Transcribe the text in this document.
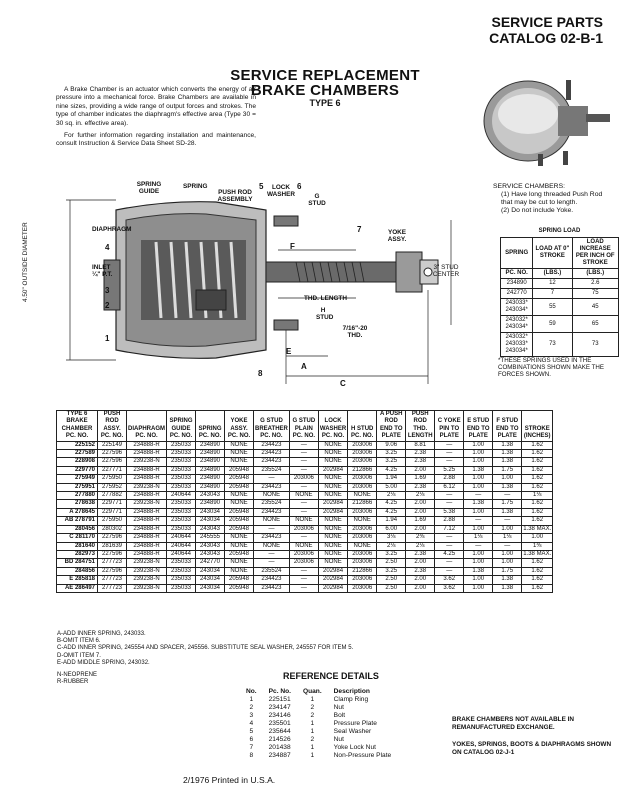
SERVICE PARTS
CATALOG 02-B-1
SERVICE REPLACEMENT
BRAKE CHAMBERS
TYPE 6

A Brake Chamber is an actuator which converts the energy of air pressure into a mechanical force. Brake Chambers are available in nine sizes, providing a wide range of output forces and strokes. The type of chamber indicates the diaphragm's effective area (Type 30 = 30 sq. in. effective area).

For further information regarding installation and maintenance, consult Instruction & Service Data Sheet SD-28.

SPRING GUIDE
SPRING
PUSH ROD ASSEMBLY
5	LOCK WASHER
6
G STUD
DIAPHRAGM
4
INLET
¼" P.T.
3
2
1
4.50" OUTSIDE DIAMETER	F
7	YOKE ASSY.
THD. LENGTH
H STUD
7/16"-20 THD.
3" STUD CENTER
E
A
C
8
SERVICE CHAMBERS:
(1) Have long threaded Push Rod that may be cut to length.
(2) Do not include Yoke.
SPRING LOAD
SPRING	LOAD AT 0" STROKE	LOAD INCREASE PER INCH OF STROKE
PC. NO.	(LBS.)	(LBS.)
234890	12	2.6
242770	7	75
243033* 243034*	55	45
243032* 243034*	59	65
243032* 243033* 243034*	73	73
*THESE SPRINGS USED IN THE COMBINATIONS SHOWN MAKE THE FORCES SHOWN.
TYPE 6 BRAKE CHAMBER PC. NO.	PUSH ROD ASSY. PC. NO.	DIAPHRAGM PC. NO.	SPRING GUIDE PC. NO.	SPRING PC. NO.	YOKE ASSY. PC. NO.	G STUD BREATHER PC. NO.	G STUD PLAIN PC. NO.	LOCK WASHER PC. NO.	H STUD PC. NO.	A PUSH ROD END TO PLATE	PUSH ROD THD. LENGTH	C YOKE PIN TO PLATE	E STUD END TO PLATE	F STUD END TO PLATE	STROKE (INCHES)
225152	225149	234888-R	235033	234890	NONE	234423	—	NONE	203006	9.06	8.81	—	1.00	1.38	1.62
227589	227596	234888-R	235033	234890	NONE	234423	—	NONE	203006	3.25	2.38	—	1.00	1.38	1.62
228908	227596	239238-N	235033	234890	NONE	234423	—	NONE	203006	3.25	2.38	—	1.00	1.38	1.62
229770	227771	234888-R	235033	234890	205948	235524	—	202984	212866	4.25	2.00	5.25	1.38	1.75	1.62
275949	275950	234888-R	235033	234890	205948	—	203006	NONE	203006	1.94	1.69	2.88	1.00	1.00	1.62
275951	275952	239238-N	235033	234890	205948	234423	—	NONE	203006	5.00	2.38	6.12	1.00	1.38	1.62
277880	277882	234888-R	240644	243043	NONE	NONE	NONE	NONE	NONE	2⅛	2⅛	—	—	—	1⅛
278638	229771	239238-N	235033	234890	NONE	235524	—	202984	212866	4.25	2.00	—	1.38	1.75	1.62
A 278645	229771	234888-R	235033	243034	205948	234423	—	202984	203006	4.25	2.00	5.38	1.00	1.38	1.62
AB 278791	275950	234888-R	235033	243034	205948	NONE	NONE	NONE	NONE	1.94	1.69	2.88	—	—	1.62
280456	280302	234888-R	235033	243043	205948	—	203006	NONE	203006	6.00	2.00	7.12	1.00	1.00	1.38 MAX.
C 281170	227596	234888-R	240644	245555	NONE	234423	—	NONE	203006	3⅛	2⅜	—	1⅛	1⅛	1.00
281640	281639	234888-R	240644	243043	NONE	NONE	NONE	NONE	NONE	2⅛	2⅛	—	—	—	1⅜
282973	227596	234888-R	240644	243043	205948	—	203006	NONE	203006	3.25	2.38	4.25	1.00	1.00	1.38 MAX.
BD 284751	277723	239238-N	235033	242770	NONE	—	203006	NONE	203006	2.50	2.00	—	1.00	1.00	1.62
284856	227596	239238-N	235033	243034	NONE	235524	—	202984	212866	3.25	2.38	—	1.38	1.75	1.62
E 285818	277723	239238-N	235033	243034	205948	234423	—	202984	203006	2.50	2.00	3.62	1.00	1.38	1.62
AE 286497	277723	239238-N	235033	243034	205948	234423	—	202984	203006	2.50	2.00	3.62	1.00	1.38	1.62
A-ADD INNER SPRING, 243033.
B-OMIT ITEM 6.
C-ADD INNER SPRING, 245554 AND SPACER, 245556. SUBSTITUTE SEAL WASHER, 245557 FOR ITEM 5.
D-OMIT ITEM 7.
E-ADD MIDDLE SPRING, 243032.
N-NEOPRENE
R-RUBBER
REFERENCE DETAILS
No.	Pc. No.	Quan.	Description
1	225151	1	Clamp Ring
2	234147	2	Nut
3	234146	2	Bolt
4	235501	1	Pressure Plate
5	235644	1	Seal Washer
6	214526	2	Nut
7	201438	1	Yoke Lock Nut
8	234887	1	Non-Pressure Plate
BRAKE CHAMBERS NOT AVAILABLE IN REMANUFACTURED EXCHANGE.
YOKES, SPRINGS, BOOTS & DIAPHRAGMS SHOWN ON CATALOG 02-J-1
2/1976 Printed in U.S.A.
